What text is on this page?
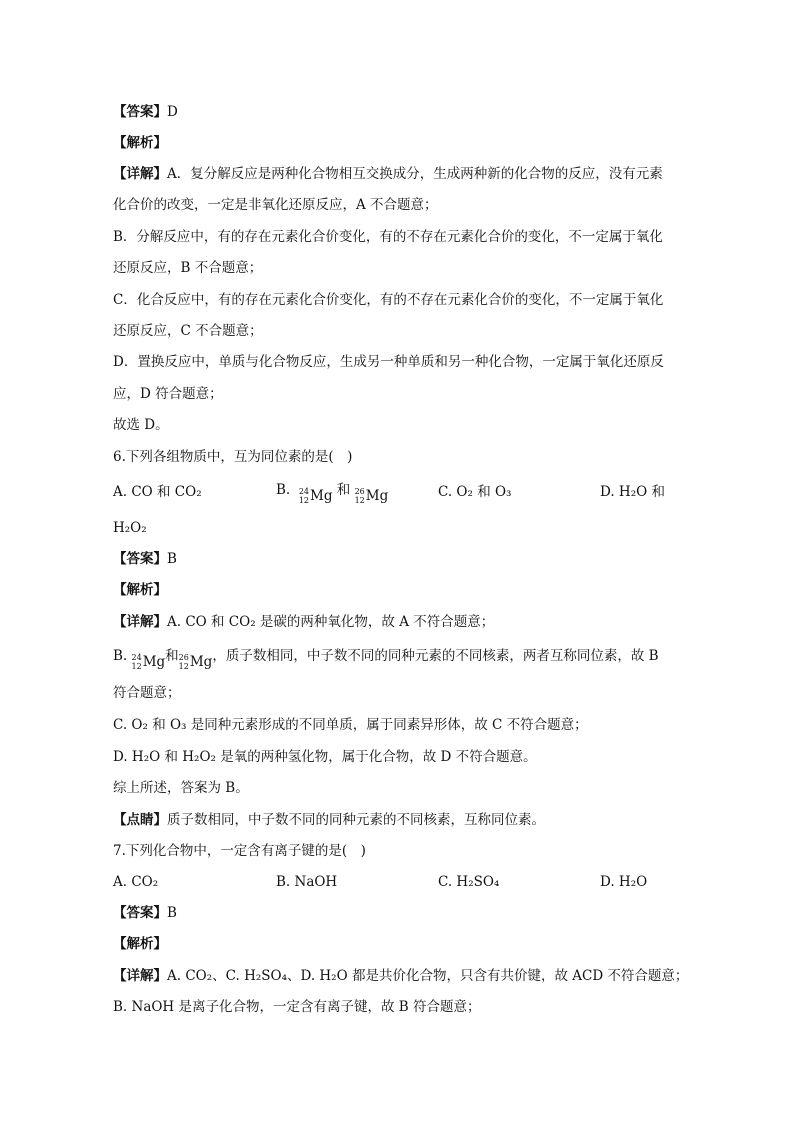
【答案】D
【解析】
【详解】A．复分解反应是两种化合物相互交换成分，生成两种新的化合物的反应，没有元素
化合价的改变，一定是非氧化还原反应，A 不合题意；
B．分解反应中，有的存在元素化合价变化，有的不存在元素化合价的变化，不一定属于氧化
还原反应，B 不合题意；
C．化合反应中，有的存在元素化合价变化，有的不存在元素化合价的变化，不一定属于氧化
还原反应，C 不合题意；
D．置换反应中，单质与化合物反应，生成另一种单质和另一种化合物，一定属于氧化还原反
应，D 符合题意；
故选 D。
6.下列各组物质中，互为同位素的是(　)
A. CO 和 CO₂	B. 24
12 Mg 和 26
12 Mg	C. O₂ 和 O₃	D. H₂O 和
H₂O₂
【答案】B
【解析】
【详解】A. CO 和 CO₂ 是碳的两种氧化物，故 A 不符合题意；
B. 24
12 Mg 和 26
12 Mg ，质子数相同，中子数不同的同种元素的不同核素，两者互称同位素，故 B
符合题意；
C. O₂ 和 O₃ 是同种元素形成的不同单质，属于同素异形体，故 C 不符合题意；
D. H₂O 和 H₂O₂ 是氧的两种氢化物，属于化合物，故 D 不符合题意。
综上所述，答案为 B。
【点睛】质子数相同，中子数不同的同种元素的不同核素，互称同位素。
7.下列化合物中，一定含有离子键的是(　)
A. CO₂	B. NaOH	C. H₂SO₄	D. H₂O
【答案】B
【解析】
【详解】A. CO₂、C. H₂SO₄、D. H₂O 都是共价化合物，只含有共价键，故 ACD 不符合题意；
B. NaOH 是离子化合物，一定含有离子键，故 B 符合题意；
